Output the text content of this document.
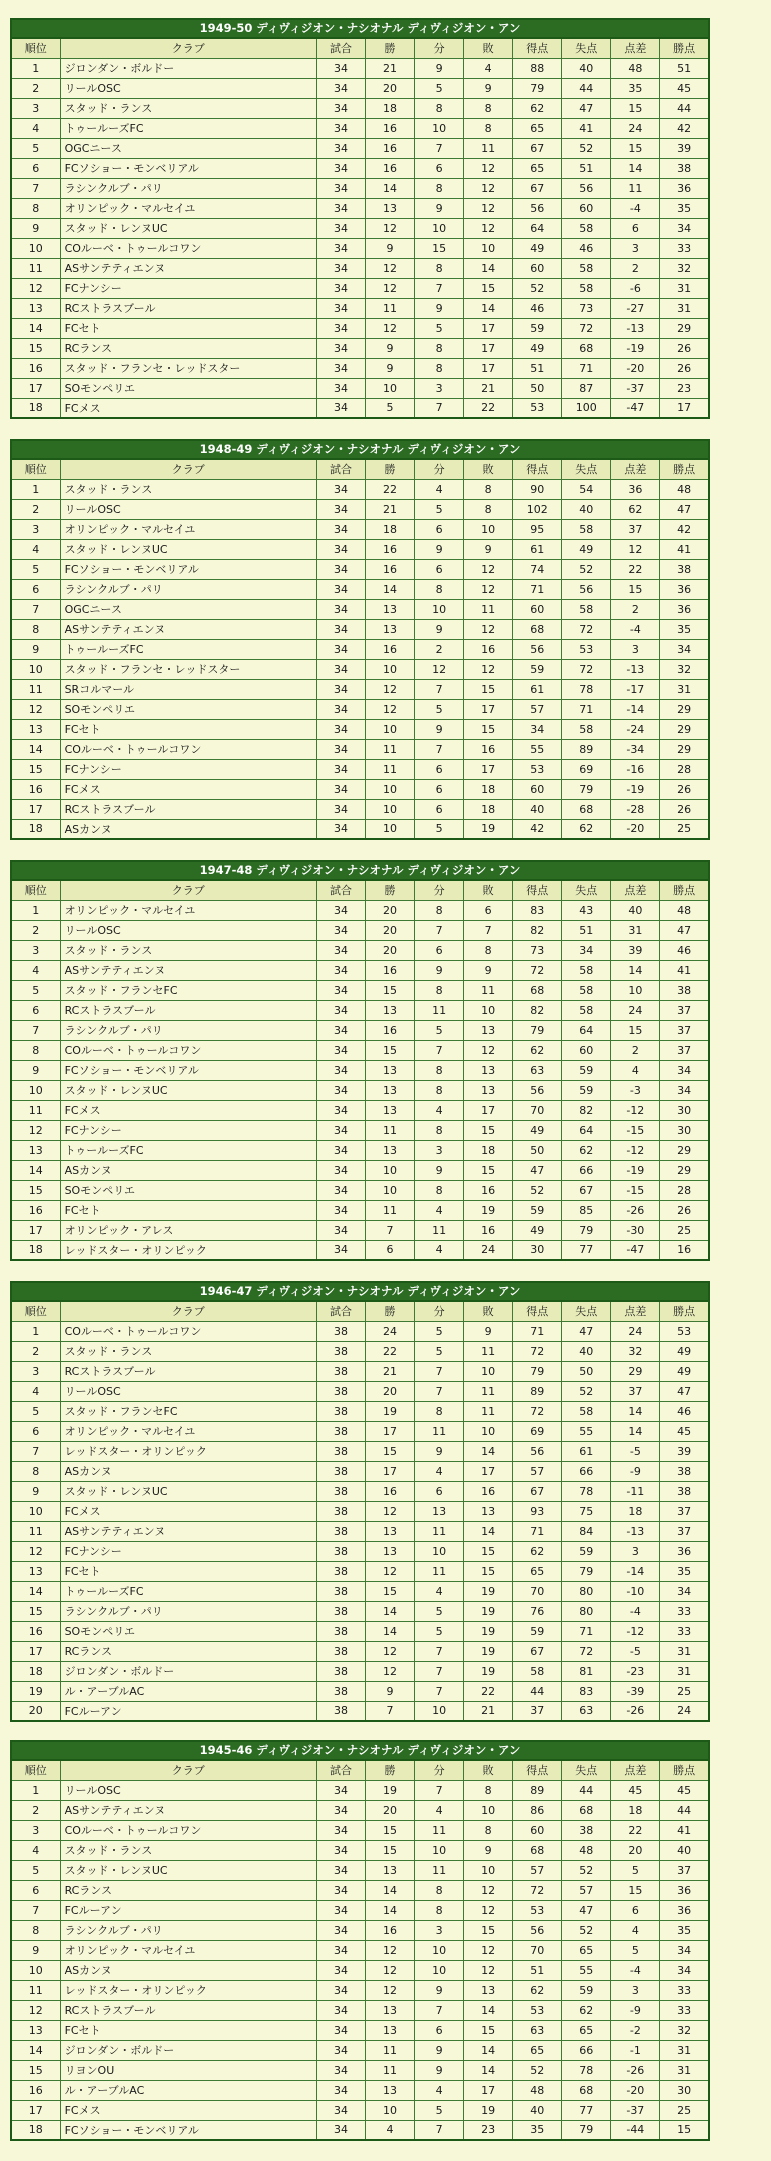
1949-50 ディヴィジオン・ナシオナル ディヴィジオン・アン
順位	クラブ	試合	勝	分	敗	得点	失点	点差	勝点
1	ジロンダン・ボルドー	34	21	9	4	88	40	48	51
2	リールOSC	34	20	5	9	79	44	35	45
3	スタッド・ランス	34	18	8	8	62	47	15	44
4	トゥールーズFC	34	16	10	8	65	41	24	42
5	OGCニース	34	16	7	11	67	52	15	39
6	FCソショー・モンベリアル	34	16	6	12	65	51	14	38
7	ラシンクルブ・パリ	34	14	8	12	67	56	11	36
8	オリンピック・マルセイユ	34	13	9	12	56	60	-4	35
9	スタッド・レンヌUC	34	12	10	12	64	58	6	34
10	COルーベ・トゥールコワン	34	9	15	10	49	46	3	33
11	ASサンテティエンヌ	34	12	8	14	60	58	2	32
12	FCナンシー	34	12	7	15	52	58	-6	31
13	RCストラスブール	34	11	9	14	46	73	-27	31
14	FCセト	34	12	5	17	59	72	-13	29
15	RCランス	34	9	8	17	49	68	-19	26
16	スタッド・フランセ・レッドスター	34	9	8	17	51	71	-20	26
17	SOモンペリエ	34	10	3	21	50	87	-37	23
18	FCメス	34	5	7	22	53	100	-47	17
1948-49 ディヴィジオン・ナシオナル ディヴィジオン・アン
順位	クラブ	試合	勝	分	敗	得点	失点	点差	勝点
1	スタッド・ランス	34	22	4	8	90	54	36	48
2	リールOSC	34	21	5	8	102	40	62	47
3	オリンピック・マルセイユ	34	18	6	10	95	58	37	42
4	スタッド・レンヌUC	34	16	9	9	61	49	12	41
5	FCソショー・モンベリアル	34	16	6	12	74	52	22	38
6	ラシンクルブ・パリ	34	14	8	12	71	56	15	36
7	OGCニース	34	13	10	11	60	58	2	36
8	ASサンテティエンヌ	34	13	9	12	68	72	-4	35
9	トゥールーズFC	34	16	2	16	56	53	3	34
10	スタッド・フランセ・レッドスター	34	10	12	12	59	72	-13	32
11	SRコルマール	34	12	7	15	61	78	-17	31
12	SOモンペリエ	34	12	5	17	57	71	-14	29
13	FCセト	34	10	9	15	34	58	-24	29
14	COルーベ・トゥールコワン	34	11	7	16	55	89	-34	29
15	FCナンシー	34	11	6	17	53	69	-16	28
16	FCメス	34	10	6	18	60	79	-19	26
17	RCストラスブール	34	10	6	18	40	68	-28	26
18	ASカンヌ	34	10	5	19	42	62	-20	25
1947-48 ディヴィジオン・ナシオナル ディヴィジオン・アン
順位	クラブ	試合	勝	分	敗	得点	失点	点差	勝点
1	オリンピック・マルセイユ	34	20	8	6	83	43	40	48
2	リールOSC	34	20	7	7	82	51	31	47
3	スタッド・ランス	34	20	6	8	73	34	39	46
4	ASサンテティエンヌ	34	16	9	9	72	58	14	41
5	スタッド・フランセFC	34	15	8	11	68	58	10	38
6	RCストラスブール	34	13	11	10	82	58	24	37
7	ラシンクルブ・パリ	34	16	5	13	79	64	15	37
8	COルーベ・トゥールコワン	34	15	7	12	62	60	2	37
9	FCソショー・モンベリアル	34	13	8	13	63	59	4	34
10	スタッド・レンヌUC	34	13	8	13	56	59	-3	34
11	FCメス	34	13	4	17	70	82	-12	30
12	FCナンシー	34	11	8	15	49	64	-15	30
13	トゥールーズFC	34	13	3	18	50	62	-12	29
14	ASカンヌ	34	10	9	15	47	66	-19	29
15	SOモンペリエ	34	10	8	16	52	67	-15	28
16	FCセト	34	11	4	19	59	85	-26	26
17	オリンピック・アレス	34	7	11	16	49	79	-30	25
18	レッドスター・オリンピック	34	6	4	24	30	77	-47	16
1946-47 ディヴィジオン・ナシオナル ディヴィジオン・アン
順位	クラブ	試合	勝	分	敗	得点	失点	点差	勝点
1	COルーベ・トゥールコワン	38	24	5	9	71	47	24	53
2	スタッド・ランス	38	22	5	11	72	40	32	49
3	RCストラスブール	38	21	7	10	79	50	29	49
4	リールOSC	38	20	7	11	89	52	37	47
5	スタッド・フランセFC	38	19	8	11	72	58	14	46
6	オリンピック・マルセイユ	38	17	11	10	69	55	14	45
7	レッドスター・オリンピック	38	15	9	14	56	61	-5	39
8	ASカンヌ	38	17	4	17	57	66	-9	38
9	スタッド・レンヌUC	38	16	6	16	67	78	-11	38
10	FCメス	38	12	13	13	93	75	18	37
11	ASサンテティエンヌ	38	13	11	14	71	84	-13	37
12	FCナンシー	38	13	10	15	62	59	3	36
13	FCセト	38	12	11	15	65	79	-14	35
14	トゥールーズFC	38	15	4	19	70	80	-10	34
15	ラシンクルブ・パリ	38	14	5	19	76	80	-4	33
16	SOモンペリエ	38	14	5	19	59	71	-12	33
17	RCランス	38	12	7	19	67	72	-5	31
18	ジロンダン・ボルドー	38	12	7	19	58	81	-23	31
19	ル・アーブルAC	38	9	7	22	44	83	-39	25
20	FCルーアン	38	7	10	21	37	63	-26	24
1945-46 ディヴィジオン・ナシオナル ディヴィジオン・アン
順位	クラブ	試合	勝	分	敗	得点	失点	点差	勝点
1	リールOSC	34	19	7	8	89	44	45	45
2	ASサンテティエンヌ	34	20	4	10	86	68	18	44
3	COルーベ・トゥールコワン	34	15	11	8	60	38	22	41
4	スタッド・ランス	34	15	10	9	68	48	20	40
5	スタッド・レンヌUC	34	13	11	10	57	52	5	37
6	RCランス	34	14	8	12	72	57	15	36
7	FCルーアン	34	14	8	12	53	47	6	36
8	ラシンクルブ・パリ	34	16	3	15	56	52	4	35
9	オリンピック・マルセイユ	34	12	10	12	70	65	5	34
10	ASカンヌ	34	12	10	12	51	55	-4	34
11	レッドスター・オリンピック	34	12	9	13	62	59	3	33
12	RCストラスブール	34	13	7	14	53	62	-9	33
13	FCセト	34	13	6	15	63	65	-2	32
14	ジロンダン・ボルドー	34	11	9	14	65	66	-1	31
15	リヨンOU	34	11	9	14	52	78	-26	31
16	ル・アーブルAC	34	13	4	17	48	68	-20	30
17	FCメス	34	10	5	19	40	77	-37	25
18	FCソショー・モンベリアル	34	4	7	23	35	79	-44	15
